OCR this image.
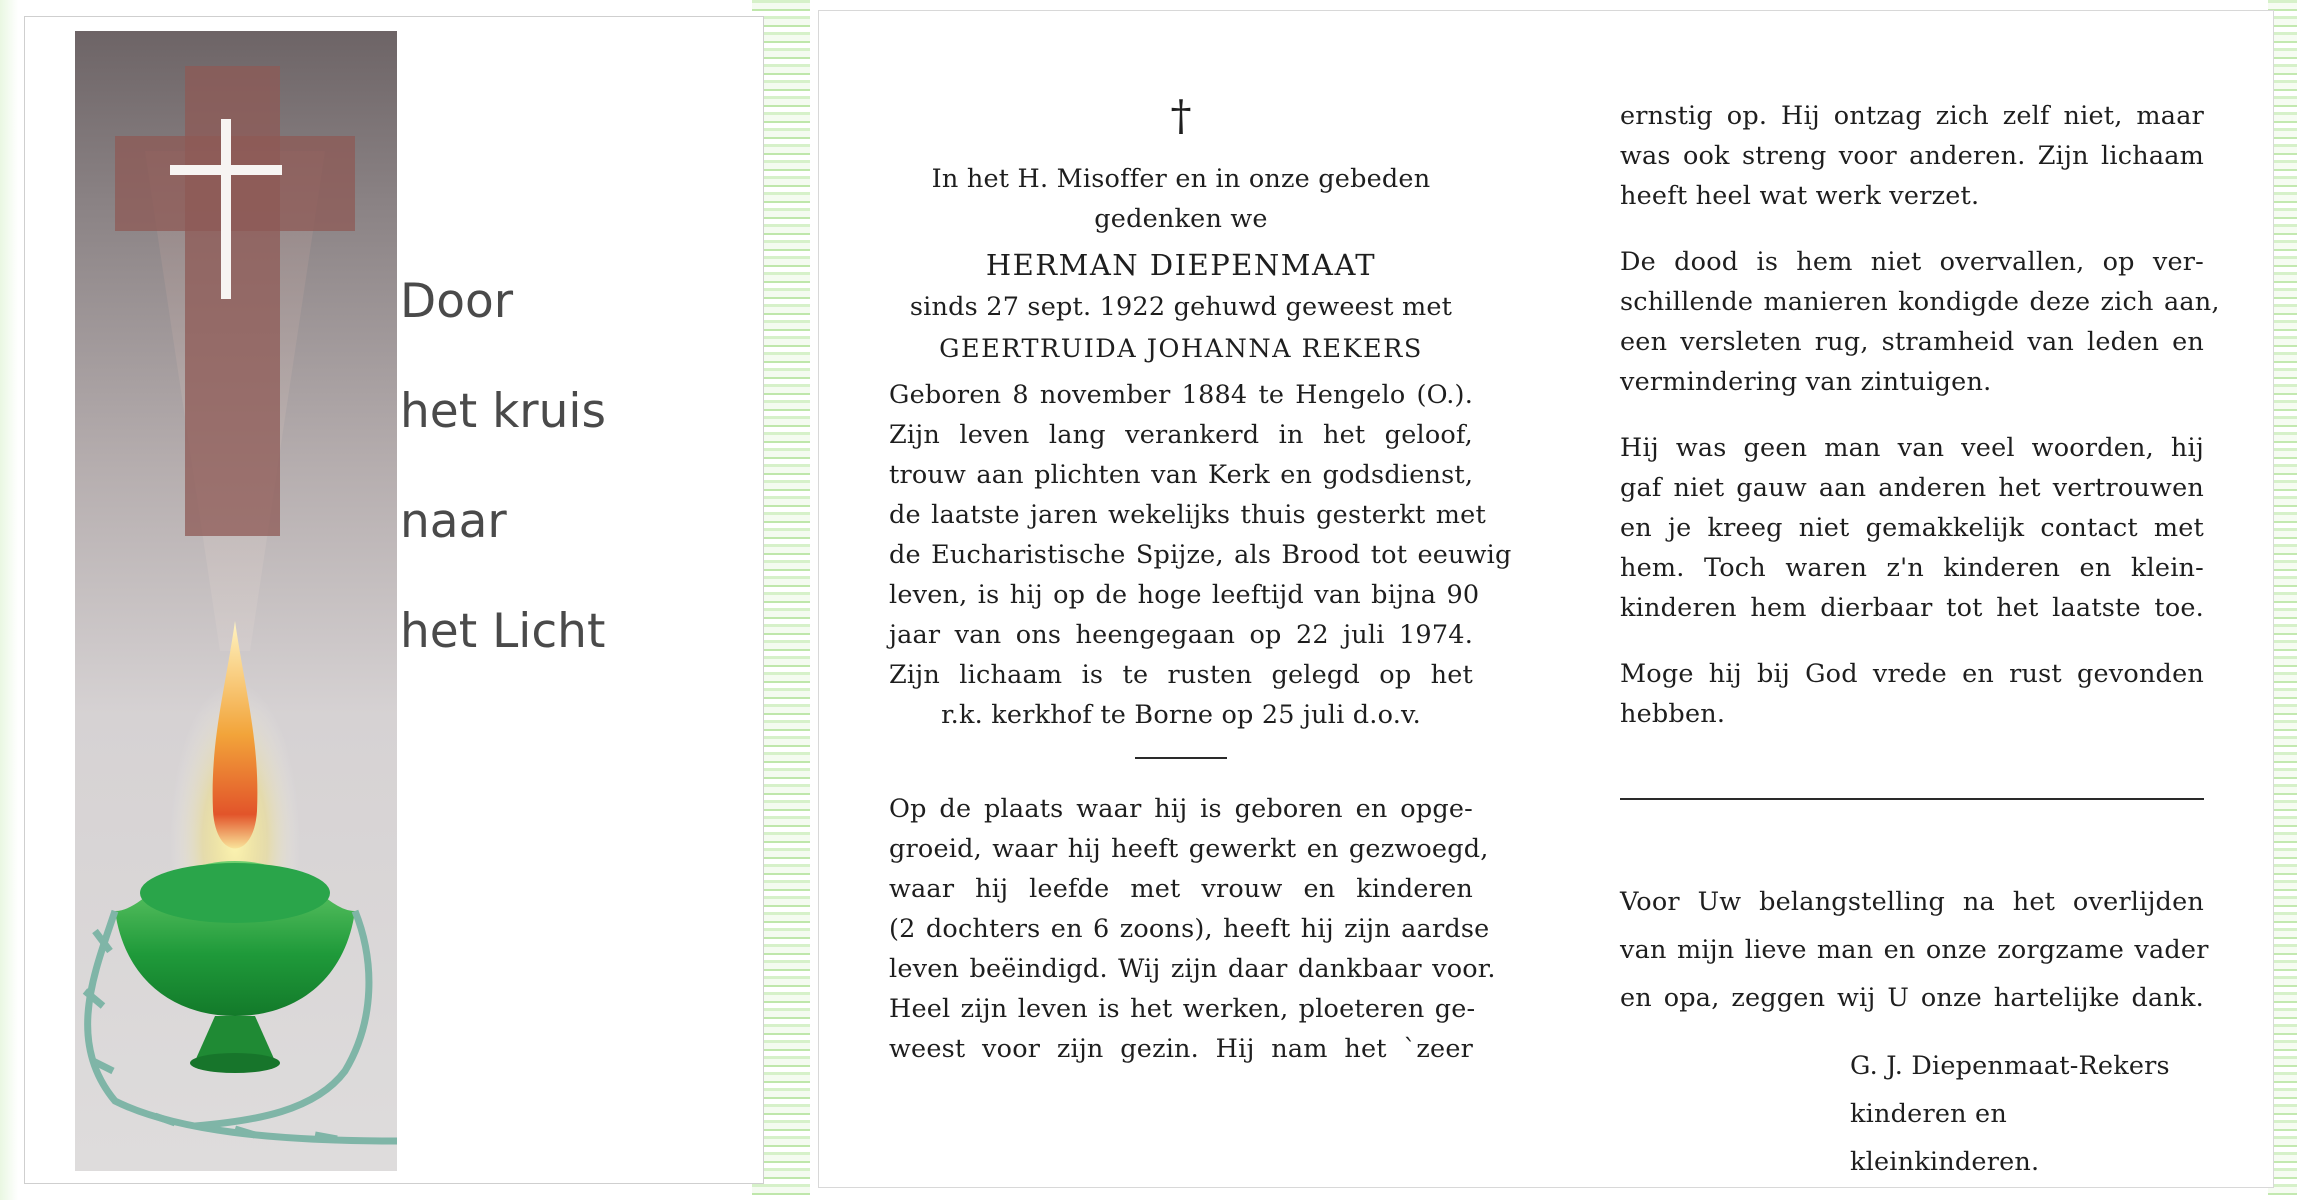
Door
het kruis
naar
het Licht
†
In het H. Misoffer en in onze gebeden
gedenken we
HERMAN DIEPENMAAT
sinds 27 sept. 1922 gehuwd geweest met
GEERTRUIDA JOHANNA REKERS
Geboren 8 november 1884 te Hengelo (O.).
Zijn leven lang verankerd in het geloof,
trouw aan plichten van Kerk en godsdienst,
de laatste jaren wekelijks thuis gesterkt met
de Eucharistische Spijze, als Brood tot eeuwig
leven, is hij op de hoge leeftijd van bijna 90
jaar van ons heengegaan op 22 juli 1974.
Zijn lichaam is te rusten gelegd op het
r.k. kerkhof te Borne op 25 juli d.o.v.
Op de plaats waar hij is geboren en opge-
groeid, waar hij heeft gewerkt en gezwoegd,
waar hij leefde met vrouw en kinderen
(2 dochters en 6 zoons), heeft hij zijn aardse
leven beëindigd. Wij zijn daar dankbaar voor.
Heel zijn leven is het werken, ploeteren ge-
weest voor zijn gezin. Hij nam het `zeer
ernstig op. Hij ontzag zich zelf niet, maar
was ook streng voor anderen. Zijn lichaam
heeft heel wat werk verzet.
De dood is hem niet overvallen, op ver-
schillende manieren kondigde deze zich aan,
een versleten rug, stramheid van leden en
vermindering van zintuigen.
Hij was geen man van veel woorden, hij
gaf niet gauw aan anderen het vertrouwen
en je kreeg niet gemakkelijk contact met
hem. Toch waren z'n kinderen en klein-
kinderen hem dierbaar tot het laatste toe.
Moge hij bij God vrede en rust gevonden
hebben.
Voor Uw belangstelling na het overlijden
van mijn lieve man en onze zorgzame vader
en opa, zeggen wij U onze hartelijke dank.
G. J. Diepenmaat-Rekers
kinderen en kleinkinderen.
